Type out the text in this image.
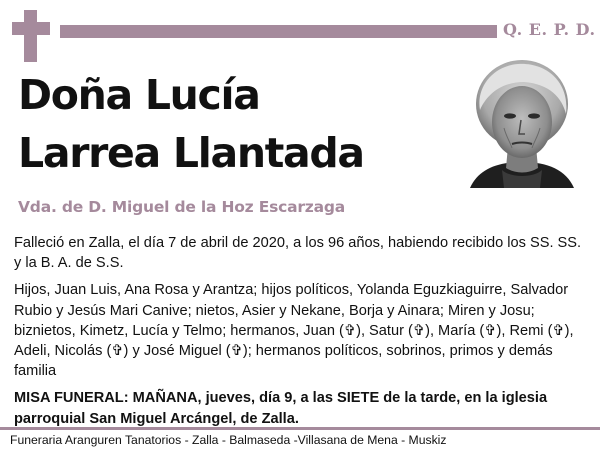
Q. E. P. D.
Doña Lucía
Larrea Llantada
Vda. de D. Miguel de la Hoz Escarzaga

Falleció en Zalla, el día 7 de abril de 2020, a los 96 años, habiendo recibido los SS. SS. y la B. A. de S.S.

Hijos, Juan Luis, Ana Rosa y Arantza; hijos políticos, Yolanda Eguzkiaguirre, Salvador Rubio y Jesús Mari Canive; nietos, Asier y Nekane, Borja y Ainara; Miren y Josu; biznietos, Kimetz, Lucía y Telmo; hermanos, Juan (✞), Satur (✞), María (✞), Remi (✞), Adeli, Nicolás (✞) y José Miguel (✞); hermanos políticos, sobrinos, primos y demás familia

MISA FUNERAL: MAÑANA, jueves, día 9, a las SIETE de la tarde, en la iglesia parroquial San Miguel Arcángel, de Zalla.

Funeraria Aranguren Tanatorios - Zalla - Balmaseda -Villasana de Mena - Muskiz
